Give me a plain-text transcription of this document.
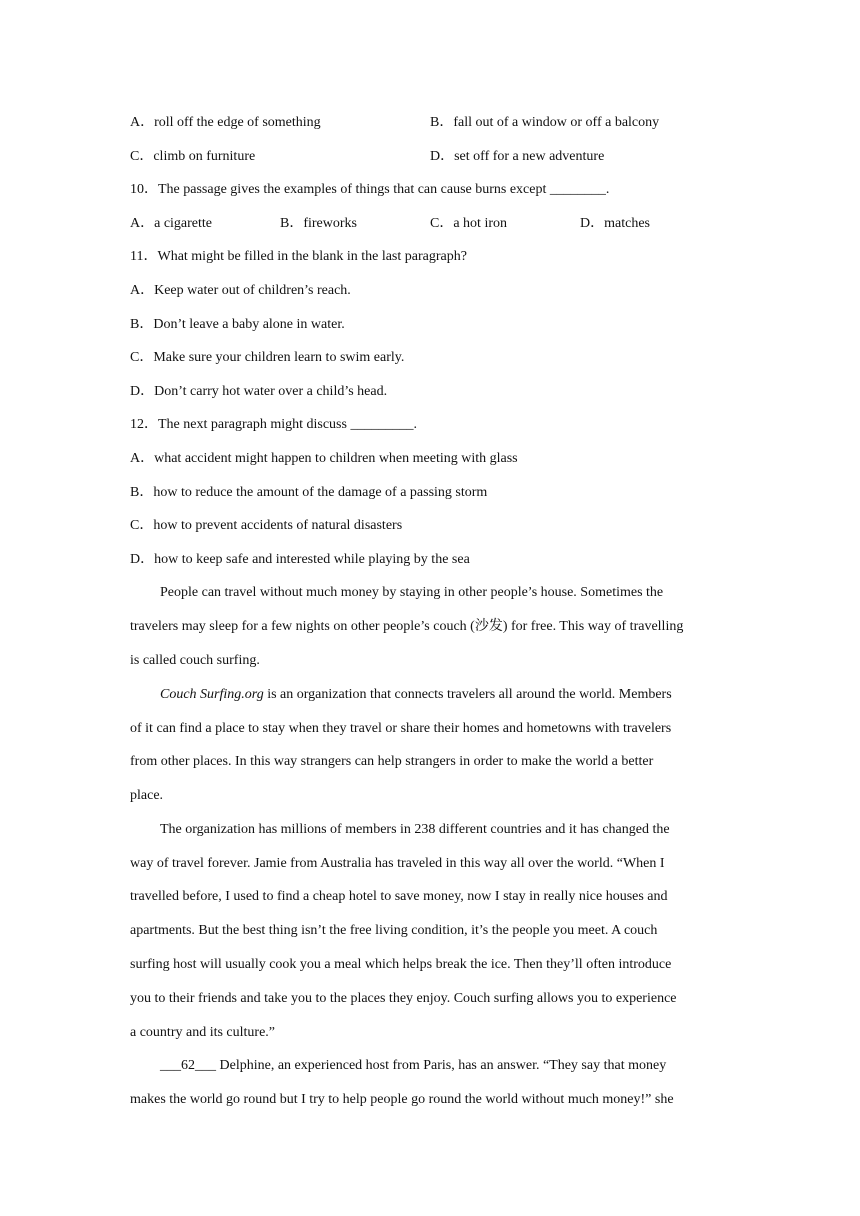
A．roll off the edge of something	B．fall out of a window or off a balcony
C．climb on furniture	D．set off for a new adventure
10．The passage gives the examples of things that can cause burns except ________.
A．a cigarette	B．fireworks	C．a hot iron	D．matches
11．What might be filled in the blank in the last paragraph?
A．Keep water out of children’s reach.
B．Don’t leave a baby alone in water.
C．Make sure your children learn to swim early.
D．Don’t carry hot water over a child’s head.
12．The next paragraph might discuss _________.
A．what accident might happen to children when meeting with glass
B．how to reduce the amount of the damage of a passing storm
C．how to prevent accidents of natural disasters
D．how to keep safe and interested while playing by the sea
People can travel without much money by staying in other people’s house. Sometimes the
travelers may sleep for a few nights on other people’s couch (沙发) for free. This way of travelling
is called couch surfing.
Couch Surfing.org is an organization that connects travelers all around the world. Members
of it can find a place to stay when they travel or share their homes and hometowns with travelers
from other places. In this way strangers can help strangers in order to make the world a better
place.
The organization has millions of members in 238 different countries and it has changed the
way of travel forever. Jamie from Australia has traveled in this way all over the world. “When I
travelled before, I used to find a cheap hotel to save money, now I stay in really nice houses and
apartments. But the best thing isn’t the free living condition, it’s the people you meet. A couch
surfing host will usually cook you a meal which helps break the ice. Then they’ll often introduce
you to their friends and take you to the places they enjoy. Couch surfing allows you to experience
a country and its culture.”
___62___ Delphine, an experienced host from Paris, has an answer. “They say that money
makes the world go round but I try to help people go round the world without much money!” she
